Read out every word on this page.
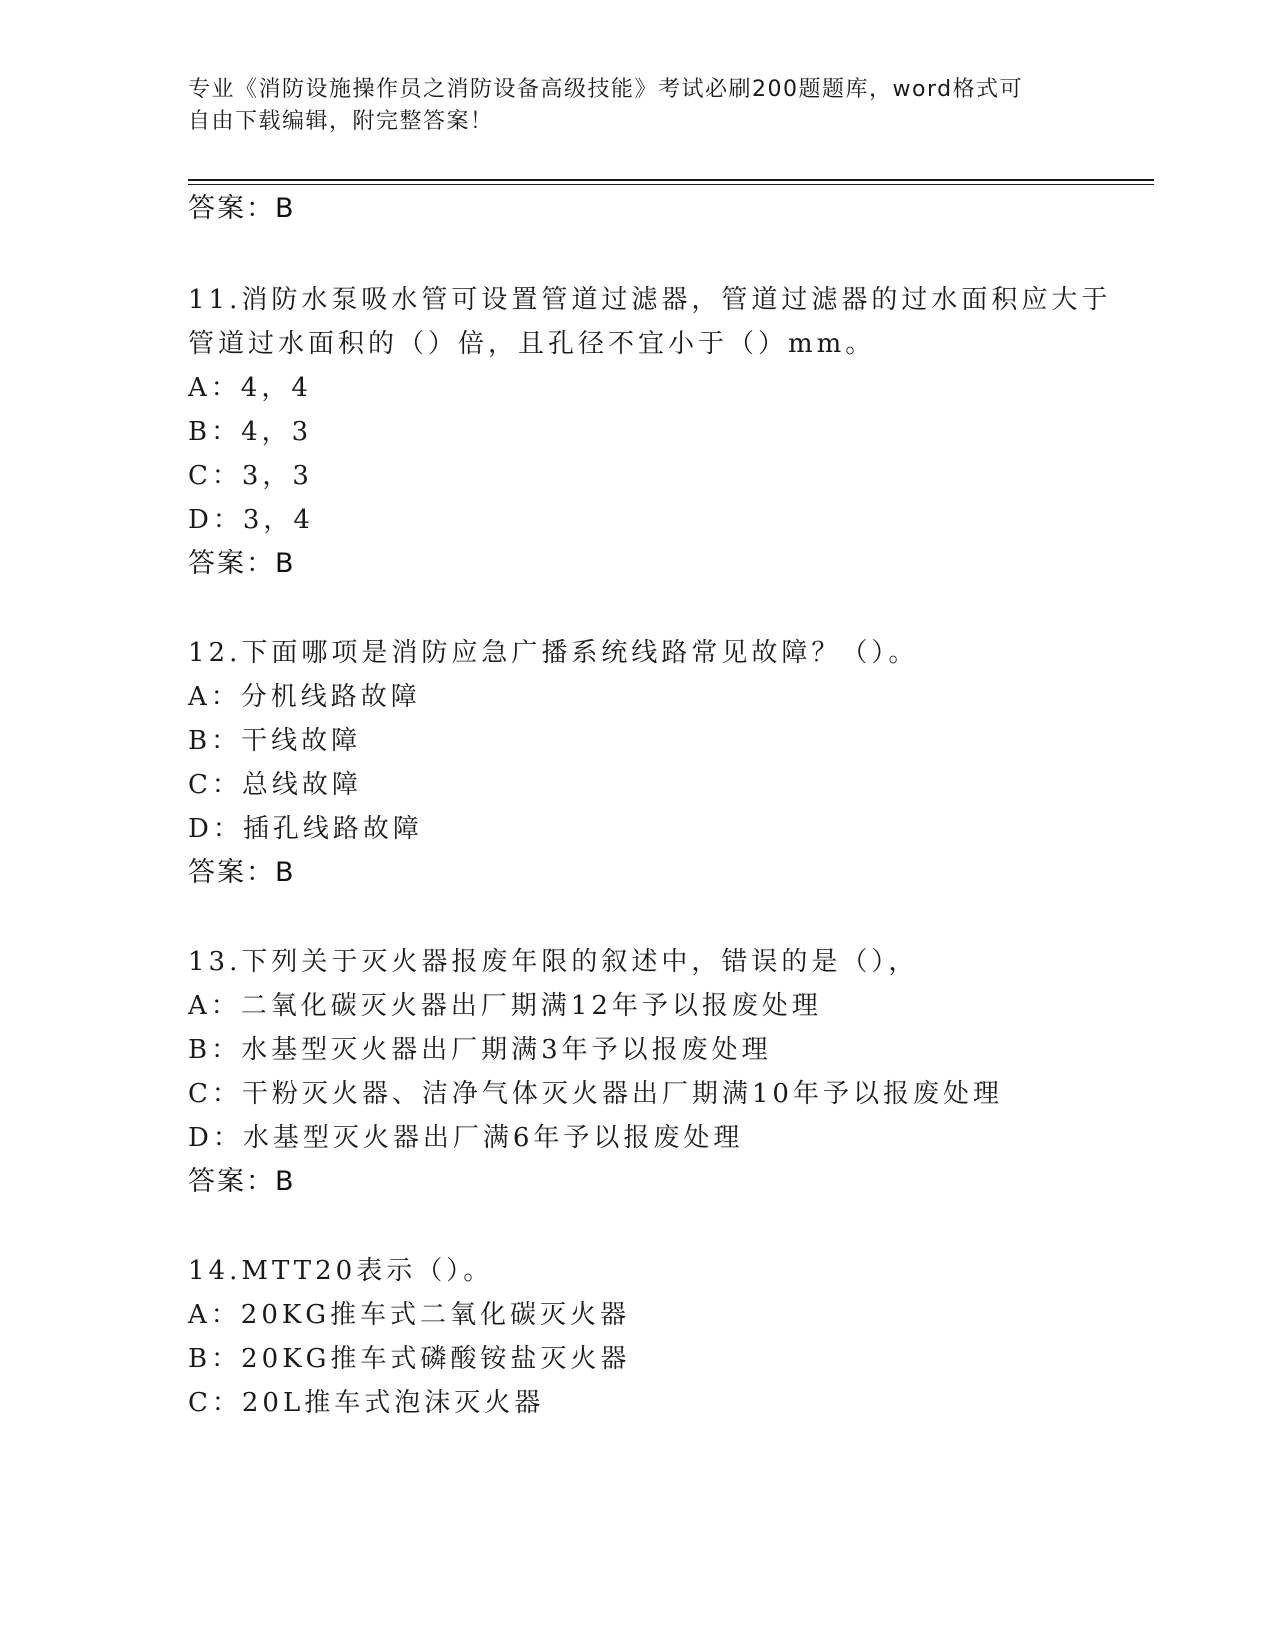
专业《消防设施操作员之消防设备高级技能》考试必刷200题题库，word格式可
自由下载编辑，附完整答案！
答案：B
11.消防水泵吸水管可设置管道过滤器，管道过滤器的过水面积应大于
管道过水面积的（）倍，且孔径不宜小于（）mm。
A：4，4
B：4，3
C：3，3
D：3，4
答案：B
12.下面哪项是消防应急广播系统线路常见故障？（）。
A：分机线路故障
B：干线故障
C：总线故障
D：插孔线路故障
答案：B
13.下列关于灭火器报废年限的叙述中，错误的是（），
A：二氧化碳灭火器出厂期满12年予以报废处理
B：水基型灭火器出厂期满3年予以报废处理
C：干粉灭火器、洁净气体灭火器出厂期满10年予以报废处理
D：水基型灭火器出厂满6年予以报废处理
答案：B
14.MTT20表示（）。
A：20KG推车式二氧化碳灭火器
B：20KG推车式磷酸铵盐灭火器
C：20L推车式泡沫灭火器
